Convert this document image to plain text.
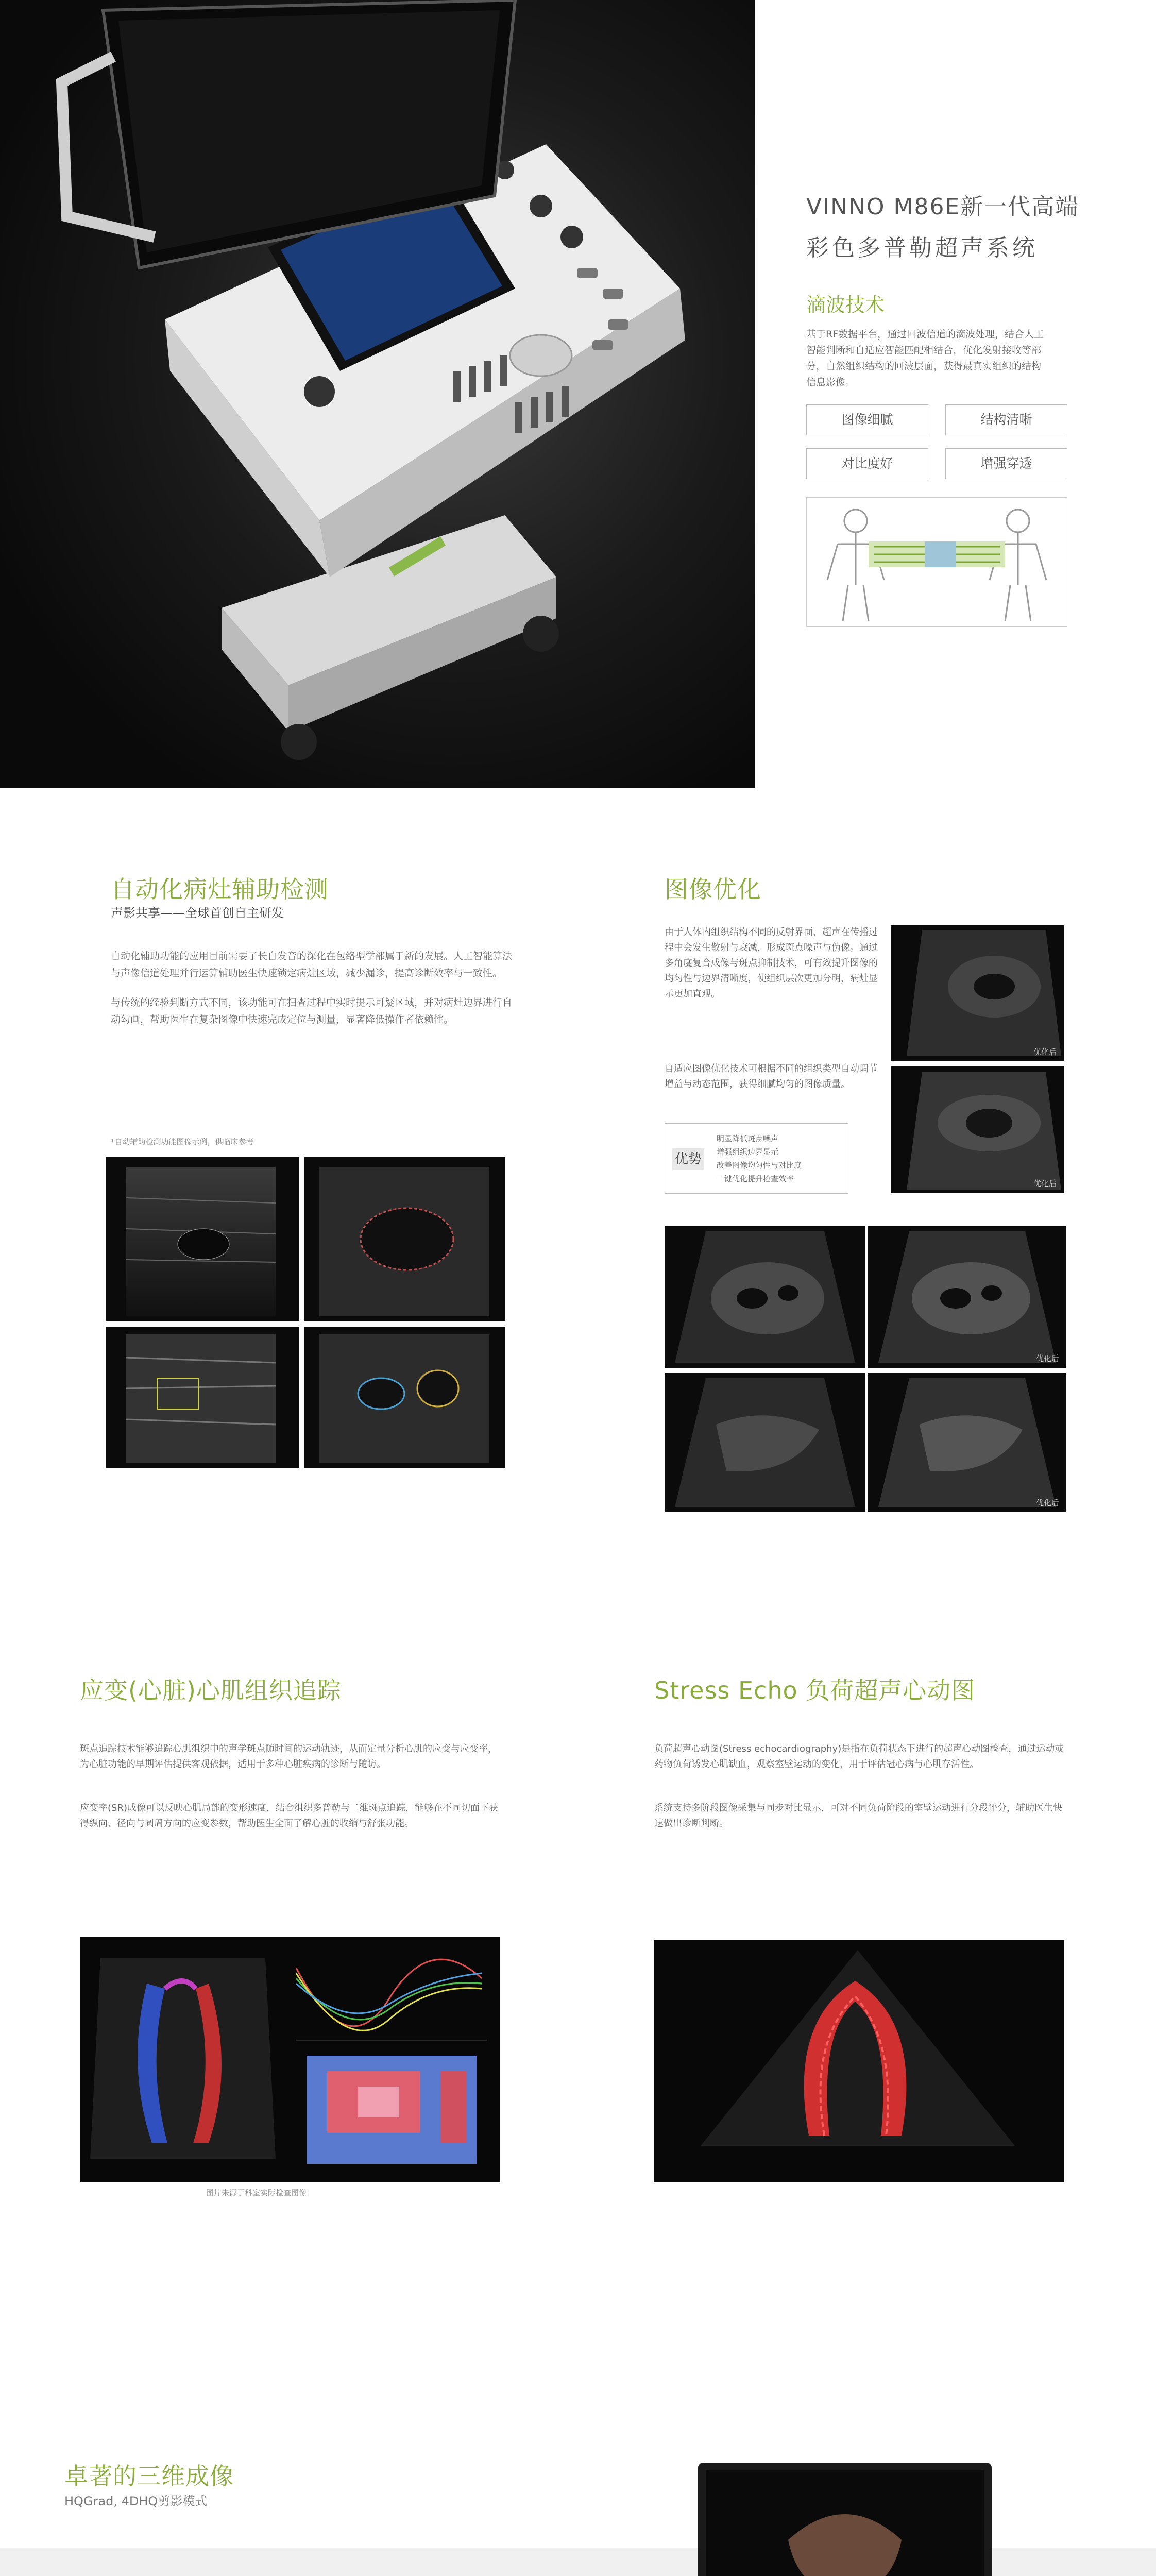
VINNO M86E新一代高端
彩色多普勒超声系统
滴波技术
基于RF数据平台，通过回波信道的滴波处理，结合人工智能判断和自适应智能匹配相结合，优化发射接收等部分，自然组织结构的回波层面，获得最真实组织的结构信息影像。
图像细腻	结构清晰
对比度好	增强穿透
自动化病灶辅助检测
声影共享——全球首创自主研发
自动化辅助功能的应用目前需要了长自发音的深化在包络型学部属于新的发展。人工智能算法与声像信道处理并行运算辅助医生快速锁定病灶区域，减少漏诊，提高诊断效率与一致性。
与传统的经验判断方式不同，该功能可在扫查过程中实时提示可疑区域，并对病灶边界进行自动勾画，帮助医生在复杂图像中快速完成定位与测量，显著降低操作者依赖性。
*自动辅助检测功能图像示例，供临床参考
图像优化
由于人体内组织结构不同的反射界面，超声在传播过程中会发生散射与衰减，形成斑点噪声与伪像。通过多角度复合成像与斑点抑制技术，可有效提升图像的均匀性与边界清晰度，使组织层次更加分明，病灶显示更加直观。
自适应图像优化技术可根据不同的组织类型自动调节增益与动态范围，获得细腻均匀的图像质量。
优势
明显降低斑点噪声
增强组织边界显示
改善图像均匀性与对比度
一键优化提升检查效率
优化后
优化后
优化后
优化后
应变(心脏)心肌组织追踪
斑点追踪技术能够追踪心肌组织中的声学斑点随时间的运动轨迹，从而定量分析心肌的应变与应变率，为心脏功能的早期评估提供客观依据，适用于多种心脏疾病的诊断与随访。
应变率(SR)成像可以反映心肌局部的变形速度，结合组织多普勒与二维斑点追踪，能够在不同切面下获得纵向、径向与圆周方向的应变参数，帮助医生全面了解心脏的收缩与舒张功能。
图片来源于科室实际检查图像
Stress Echo 负荷超声心动图
负荷超声心动图(Stress echocardiography)是指在负荷状态下进行的超声心动图检查，通过运动或药物负荷诱发心肌缺血，观察室壁运动的变化，用于评估冠心病与心肌存活性。
系统支持多阶段图像采集与同步对比显示，可对不同负荷阶段的室壁运动进行分段评分，辅助医生快速做出诊断判断。
卓著的三维成像
HQGrad, 4DHQ剪影模式
